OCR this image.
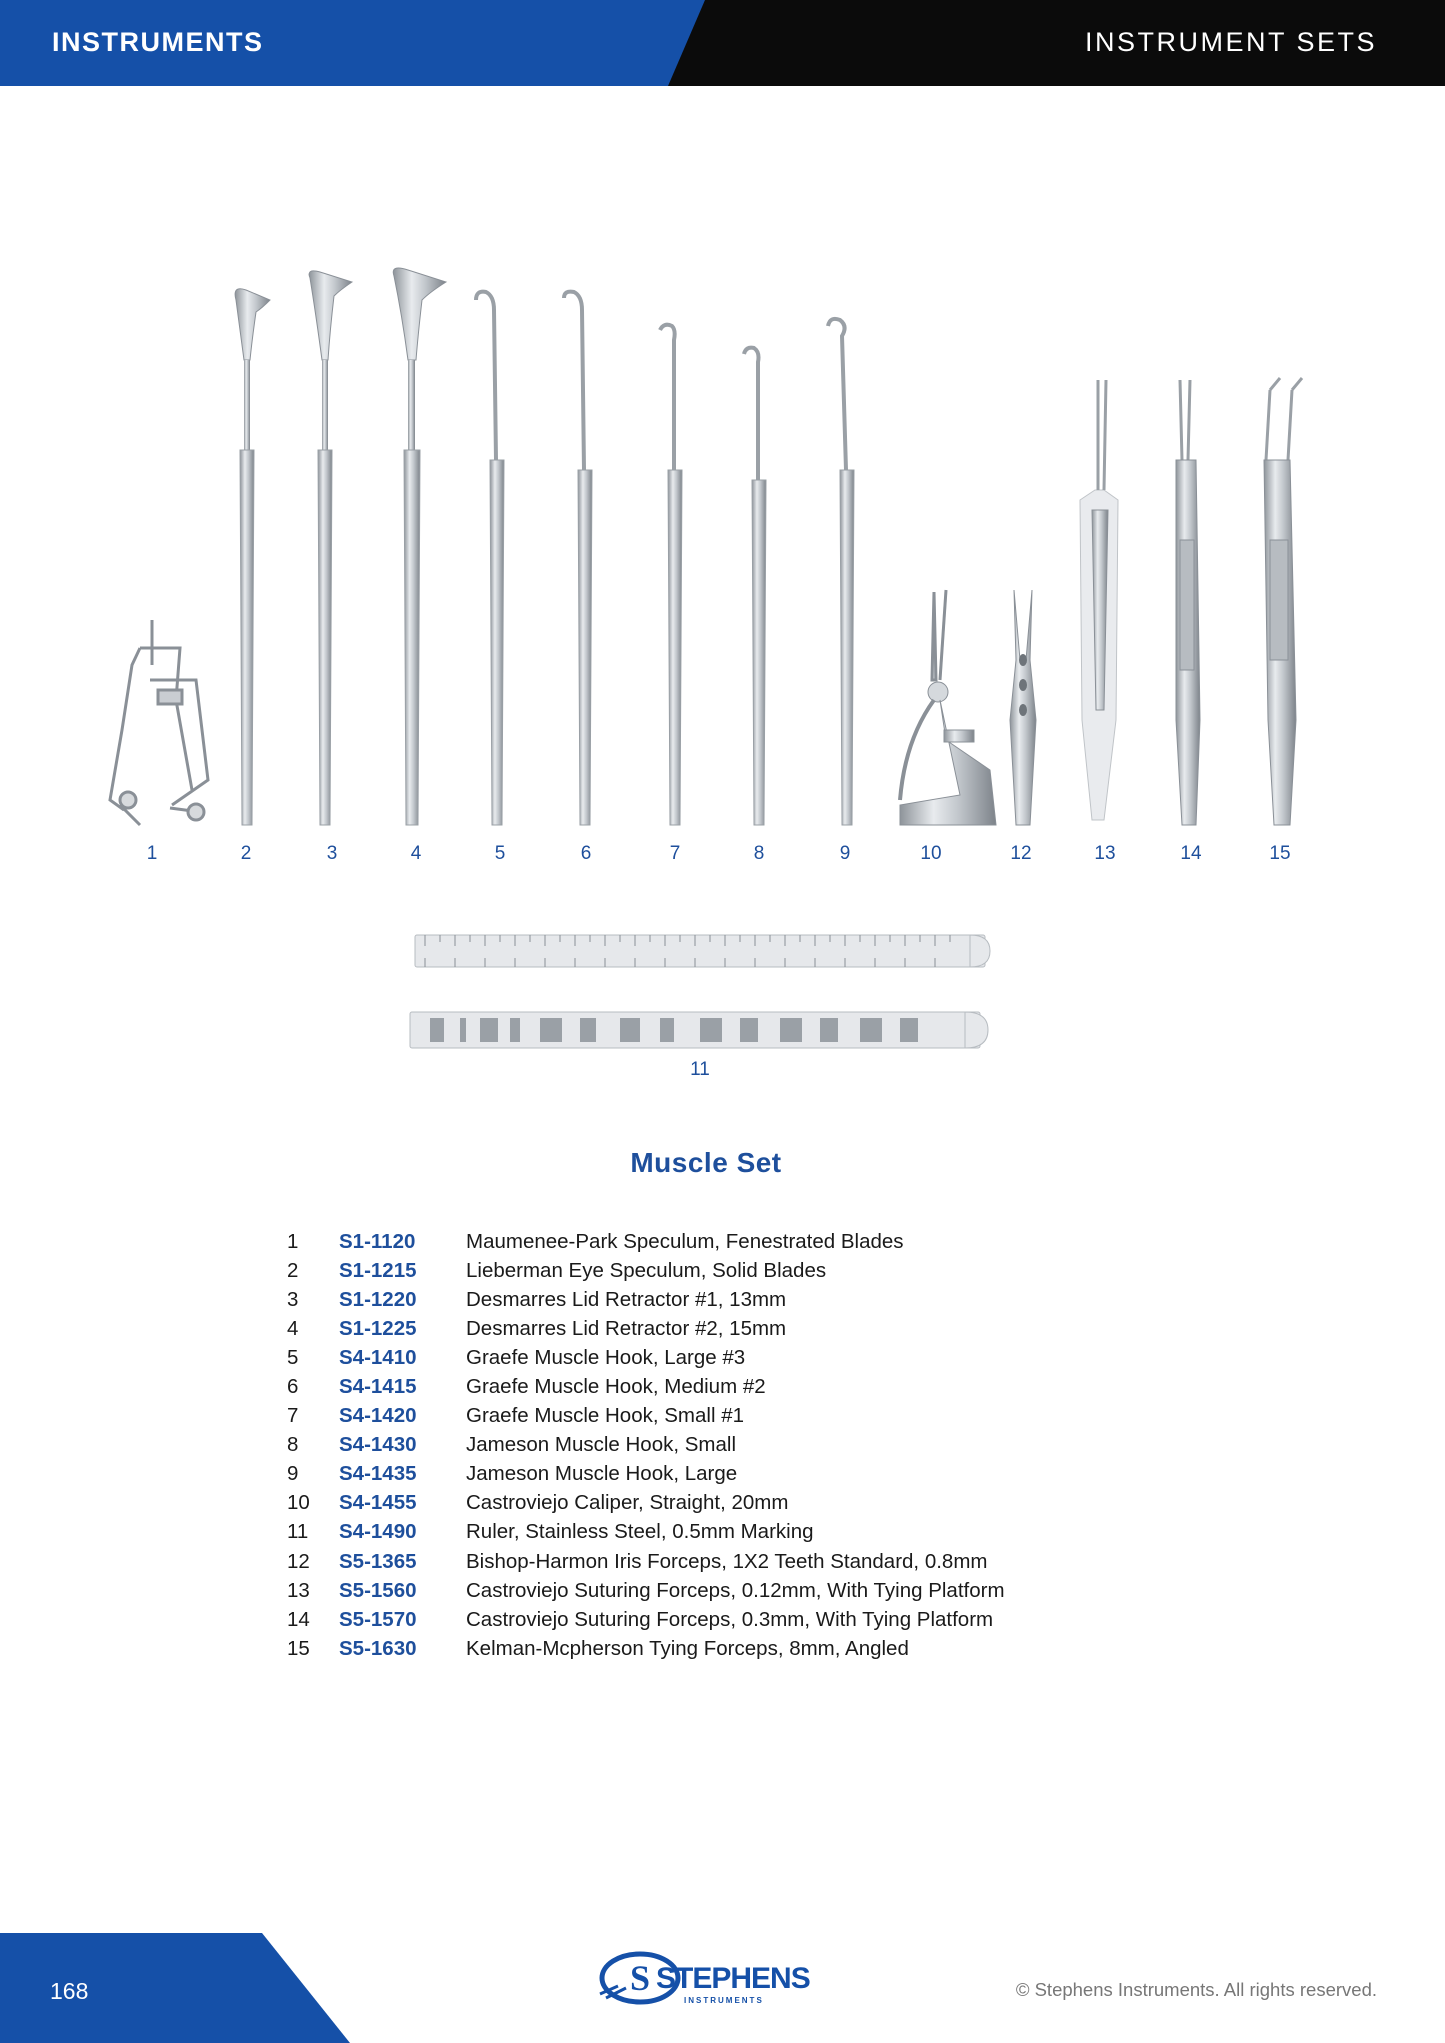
INSTRUMENTS	INSTRUMENT SETS
1	2	3	4	5	6	7	8	9	10	12	13	14	15
11
Muscle Set
1	S1-1120	Maumenee-Park Speculum, Fenestrated Blades
2	S1-1215	Lieberman Eye Speculum, Solid Blades
3	S1-1220	Desmarres Lid Retractor #1, 13mm
4	S1-1225	Desmarres Lid Retractor #2, 15mm
5	S4-1410	Graefe Muscle Hook, Large #3
6	S4-1415	Graefe Muscle Hook, Medium #2
7	S4-1420	Graefe Muscle Hook, Small #1
8	S4-1430	Jameson Muscle Hook, Small
9	S4-1435	Jameson Muscle Hook, Large
10	S4-1455	Castroviejo Caliper, Straight, 20mm
11	S4-1490	Ruler, Stainless Steel, 0.5mm Marking
12	S5-1365	Bishop-Harmon Iris Forceps, 1X2 Teeth Standard, 0.8mm
13	S5-1560	Castroviejo Suturing Forceps, 0.12mm, With Tying Platform
14	S5-1570	Castroviejo Suturing Forceps, 0.3mm, With Tying Platform
15	S5-1630	Kelman-Mcpherson Tying Forceps, 8mm, Angled
168	S STEPHENS
INSTRUMENTS
© Stephens Instruments. All rights reserved.
